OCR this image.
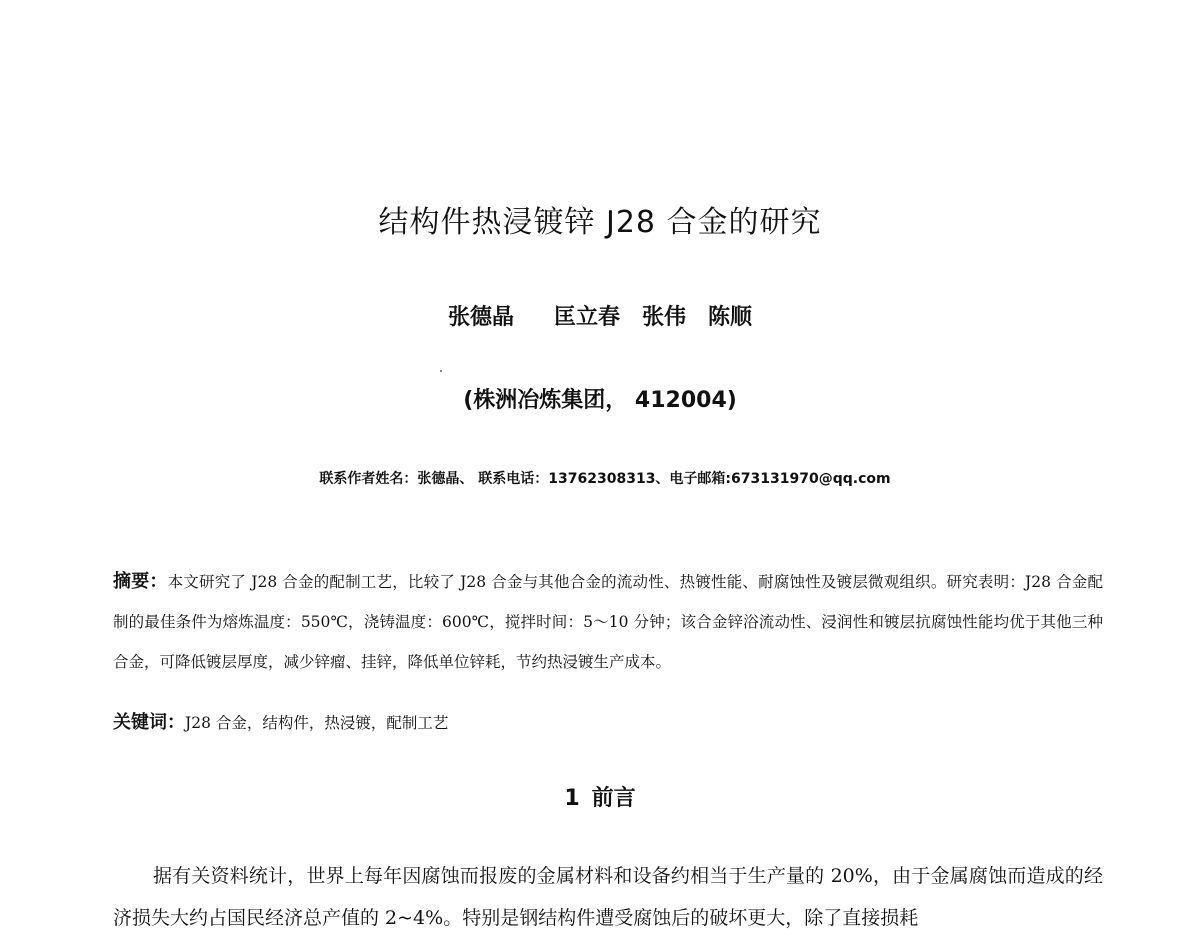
结构件热浸镀锌 J28 合金的研究
张德晶 匡立春 张伟 陈顺
(株洲冶炼集团， 412004)
联系作者姓名：张德晶、 联系电话：13762308313、电子邮箱:673131970@qq.com
摘要：本文研究了 J28 合金的配制工艺，比较了 J28 合金与其他合金的流动性、热镀性能、耐腐蚀性及镀层微观组织。研究表明：J28 合金配制的最佳条件为熔炼温度：550℃，浇铸温度：600℃，搅拌时间：5～10 分钟；该合金锌浴流动性、浸润性和镀层抗腐蚀性能均优于其他三种合金，可降低镀层厚度，减少锌瘤、挂锌，降低单位锌耗，节约热浸镀生产成本。
关键词：J28 合金，结构件，热浸镀，配制工艺
1 前言
据有关资料统计，世界上每年因腐蚀而报废的金属材料和设备约相当于生产量的 20%，由于金属腐蚀而造成的经济损失大约占国民经济总产值的 2~4%。特别是钢结构件遭受腐蚀后的破坏更大，除了直接损耗
